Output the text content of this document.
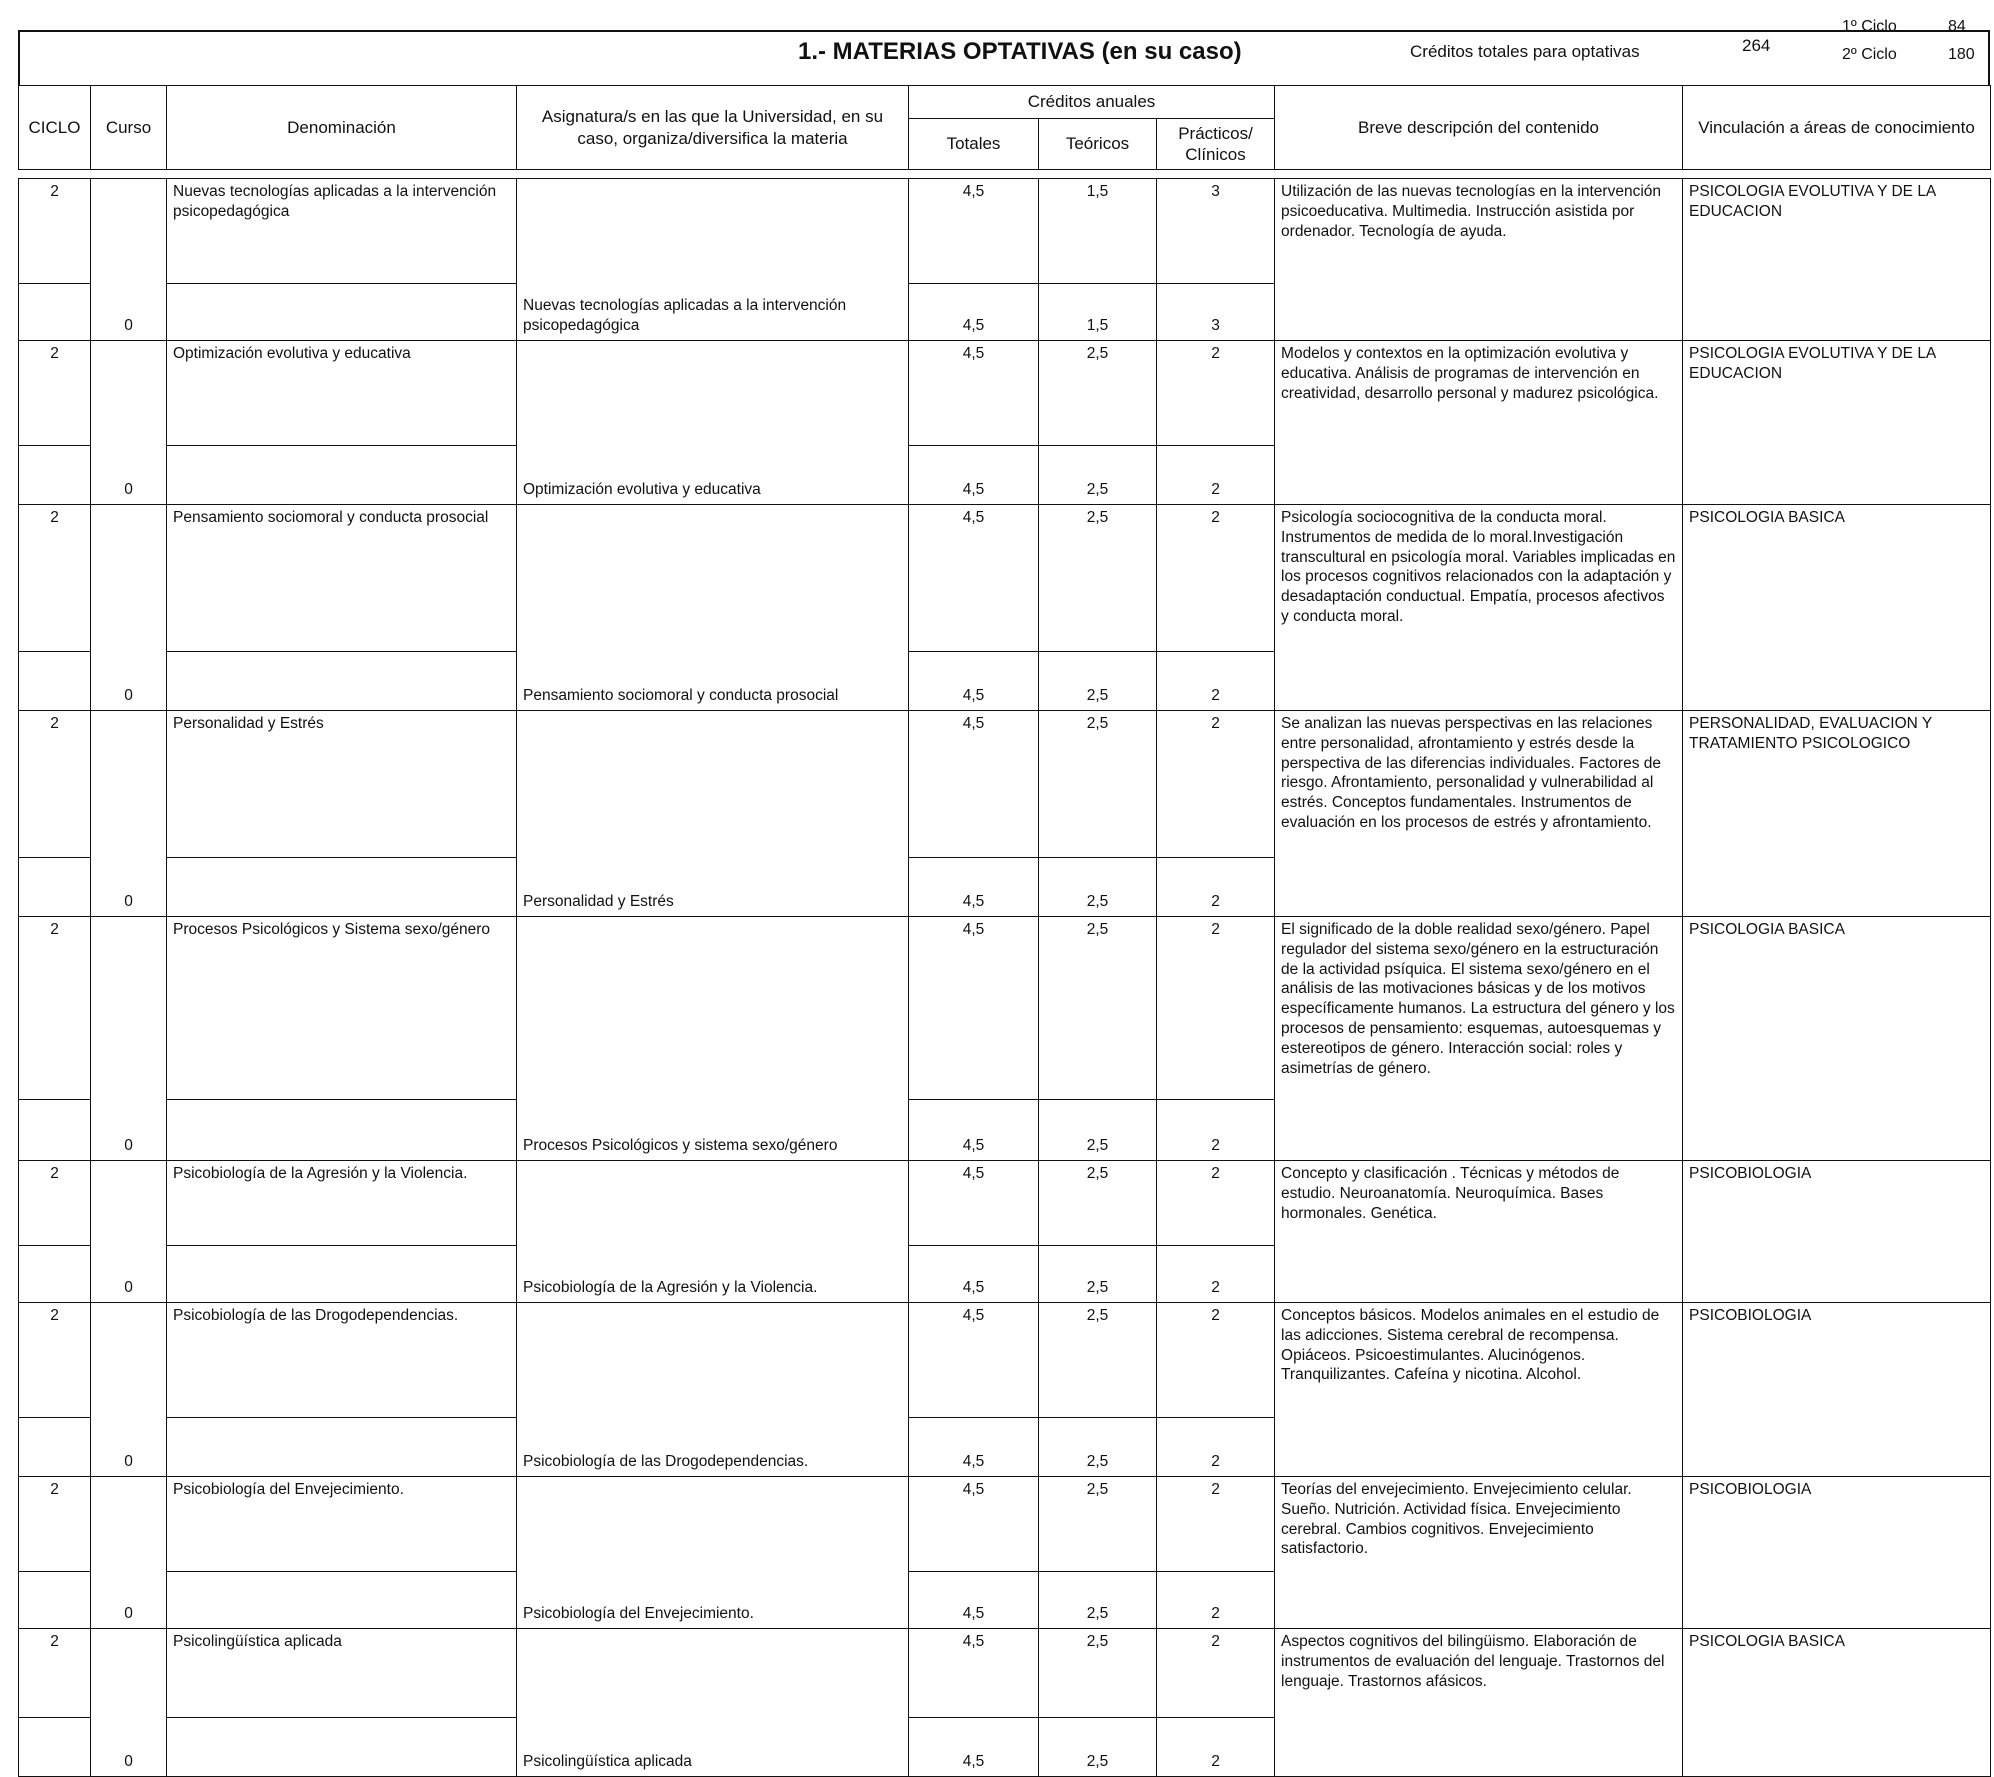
1.- MATERIAS OPTATIVAS (en su caso)	Créditos totales para optativas	264
1º Ciclo	84
2º Ciclo	180
CICLO	Curso	Denominación	Asignatura/s en las que la Universidad, en su caso, organiza/diversifica la materia	Créditos anuales			Breve descripción del contenido	Vinculación a áreas de conocimiento
				Totales	Teóricos	Prácticos/ Clínicos		

2	0	Nuevas tecnologías aplicadas a la intervención psicopedagógica	Nuevas tecnologías aplicadas a la intervención psicopedagógica	4,5	1,5	3	Utilización de las nuevas tecnologías en la intervención psicoeducativa. Multimedia. Instrucción asistida por ordenador. Tecnología de ayuda.	PSICOLOGIA EVOLUTIVA Y DE LA EDUCACION
				4,5	1,5	3		
2	0	Optimización evolutiva y educativa	Optimización evolutiva y educativa	4,5	2,5	2	Modelos y contextos en la optimización evolutiva y educativa. Análisis de programas de intervención en creatividad, desarrollo personal y madurez psicológica.	PSICOLOGIA EVOLUTIVA Y DE LA EDUCACION
				4,5	2,5	2		
2	0	Pensamiento sociomoral y conducta prosocial	Pensamiento sociomoral y conducta prosocial	4,5	2,5	2	Psicología sociocognitiva de la conducta moral. Instrumentos de medida de lo moral.Investigación transcultural en psicología moral. Variables implicadas en los procesos cognitivos relacionados con la adaptación y desadaptación conductual. Empatía, procesos afectivos y conducta moral.	PSICOLOGIA BASICA
				4,5	2,5	2		
2	0	Personalidad y Estrés	Personalidad y Estrés	4,5	2,5	2	Se analizan las nuevas perspectivas en las relaciones entre personalidad, afrontamiento y estrés desde la perspectiva de las diferencias individuales. Factores de riesgo. Afrontamiento, personalidad y vulnerabilidad al estrés. Conceptos fundamentales. Instrumentos de evaluación en los procesos de estrés y afrontamiento.	PERSONALIDAD, EVALUACION Y TRATAMIENTO PSICOLOGICO
				4,5	2,5	2		
2	0	Procesos Psicológicos y Sistema sexo/género	Procesos Psicológicos y sistema sexo/género	4,5	2,5	2	El significado de la doble realidad sexo/género. Papel regulador del sistema sexo/género en la estructuración de la actividad psíquica. El sistema sexo/género en el análisis de las motivaciones básicas y de los motivos específicamente humanos. La estructura del género y los procesos de pensamiento: esquemas, autoesquemas y estereotipos de género. Interacción social: roles y asimetrías de género.	PSICOLOGIA BASICA
				4,5	2,5	2		
2	0	Psicobiología de la Agresión y la Violencia.	Psicobiología de la Agresión y la Violencia.	4,5	2,5	2	Concepto y clasificación . Técnicas y métodos de estudio. Neuroanatomía. Neuroquímica. Bases hormonales. Genética.	PSICOBIOLOGIA
				4,5	2,5	2		
2	0	Psicobiología de las Drogodependencias.	Psicobiología de las Drogodependencias.	4,5	2,5	2	Conceptos básicos. Modelos animales en el estudio de las adicciones. Sistema cerebral de recompensa. Opiáceos. Psicoestimulantes. Alucinógenos. Tranquilizantes. Cafeína y nicotina. Alcohol.	PSICOBIOLOGIA
				4,5	2,5	2		
2	0	Psicobiología del Envejecimiento.	Psicobiología del Envejecimiento.	4,5	2,5	2	Teorías del envejecimiento. Envejecimiento celular. Sueño. Nutrición. Actividad física. Envejecimiento cerebral. Cambios cognitivos. Envejecimiento satisfactorio.	PSICOBIOLOGIA
				4,5	2,5	2		
2	0	Psicolingüística aplicada	Psicolingüística aplicada	4,5	2,5	2	Aspectos cognitivos del bilingüismo. Elaboración de instrumentos de evaluación del lenguaje. Trastornos del lenguaje. Trastornos afásicos.	PSICOLOGIA BASICA
				4,5	2,5	2		
